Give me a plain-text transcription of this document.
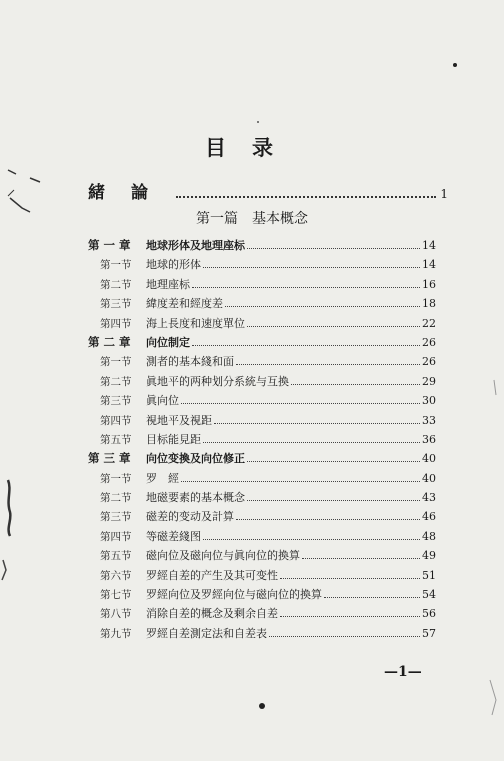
目录
緒論	1
第一篇　基本概念
第 一 章	地球形体及地理座标	14
第一节	地球的形体	14
第二节	地理座标	16
第三节	緯度差和經度差	18
第四节	海上長度和速度單位	22
第 二 章	向位制定	26
第一节	測者的基本綫和面	26
第二节	眞地平的两种划分系統与互換	29
第三节	眞向位	30
第四节	視地平及視距	33
第五节	目标能見距	36
第 三 章	向位变換及向位修正	40
第一节	罗　經	40
第二节	地磁要素的基本概念	43
第三节	磁差的变动及計算	46
第四节	等磁差綫图	48
第五节	磁向位及磁向位与眞向位的換算	49
第六节	罗經自差的产生及其可变性	51
第七节	罗經向位及罗經向位与磁向位的換算	54
第八节	消除自差的概念及剩余自差	56
第九节	罗經自差測定法和自差表	57
—1—
